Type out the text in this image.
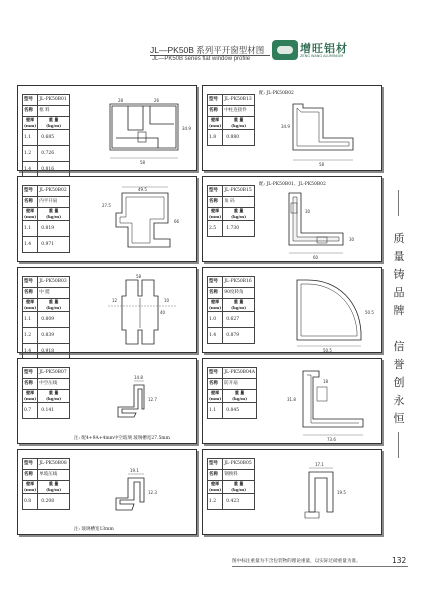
JL—PK50B 系列平开窗型材图
JL—PK50B series flat window profile
增旺铝材
ZENG WANG ALUMINIUM
型号	JL-PK50B01
名称	框 料
壁厚
(mm)	重 量
(kg/m)
1.1	0.685
1.2	0.726
1.4	0.816
58
34.9
28	26	型号	JL-PK50B13
名称	中柱连接件
壁厚
(mm)	重 量
(kg/m)
1.8	0.880
配: JL-PK50B02
58
34.9
型号	JL-PK50B02
名称	内平开扇
壁厚
(mm)	重 量
(kg/m)
1.1	0.819
1.4	0.971
49.5
27.5
66
型号	JL-PK50B15
名称	角 码
壁厚
(mm)	重 量
(kg/m)
2.5	1.730
配: JL-PK50B01、JL-PK50B02
30
60
30
型号	JL-PK50B03
名称	中 挺
壁厚
(mm)	重 量
(kg/m)
1.1	0.809
1.2	0.839
1.4	0.918
58
40
12	10
型号	JL-PK50B16
名称	90度转角
壁厚
(mm)	重 量
(kg/m)
1.0	0.627
1.4	0.879
50.5
50.5
型号	JL-PK50B07
名称	中空压线
壁厚
(mm)	重 量
(kg/m)
0.7	0.141
14.8
12.7
注: 配4+9A+4mm中空玻璃 玻璃槽宽27.5mm
型号	JL-PK50B04A
名称	防开扇
壁厚
(mm)	重 量
(kg/m)
1.1	0.845
73.6
31.8
18
型号	JL-PK50B08
名称	单玻压线
壁厚
(mm)	重 量
(kg/m)
0.8	0.208
19.1
12.3
注: 玻璃槽宽13mm
型号	JL-PK50B05
名称	钢换料
壁厚
(mm)	重 量
(kg/m)
1.2	0.423
17.1
19.5
质
量
铸
品
牌
信
誉
创
永
恒
图中标注重量为不含包装物的理论重量，以实际过磅重量为准。	132
